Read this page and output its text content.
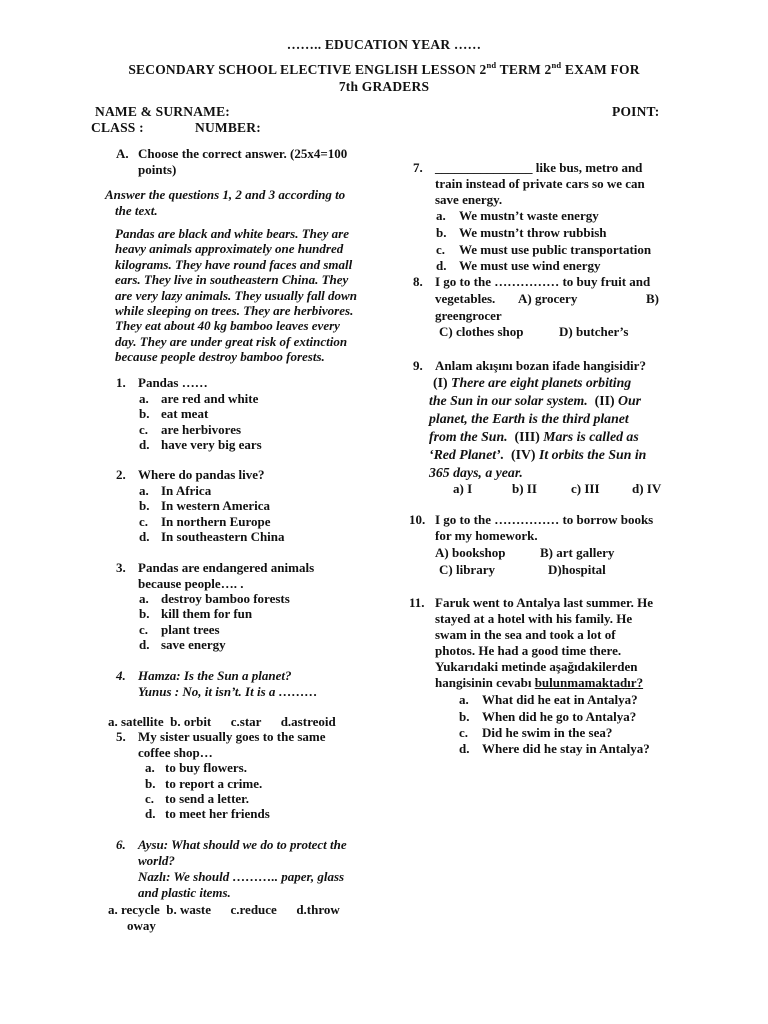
…….. EDUCATION YEAR ……
SECONDARY SCHOOL ELECTIVE ENGLISH LESSON 2nd TERM 2nd EXAM FOR
7th GRADERS
NAME & SURNAME:	POINT:
CLASS :	NUMBER:
A. Choose the correct answer. (25x4=100
points)
Answer the questions 1, 2 and 3 according to
the text.
Pandas are black and white bears. They are
heavy animals approximately one hundred
kilograms. They have round faces and small
ears. They live in southeastern China. They
are very lazy animals. They usually fall down
while sleeping on trees. They are herbivores.
They eat about 40 kg bamboo leaves every
day. They are under great risk of extinction
because people destroy bamboo forests.
1. Pandas ……
a. are red and white
b. eat meat
c. are herbivores
d. have very big ears
2. Where do pandas live?
a. In Africa
b. In western America
c. In northern Europe
d. In southeastern China
3. Pandas are endangered animals
because people…. .
a. destroy bamboo forests
b. kill them for fun
c. plant trees
d. save energy
4. Hamza: Is the Sun a planet?
Yunus : No, it isn’t. It is a ………
a. satellite  b. orbit      c.star      d.astreoid
5. My sister usually goes to the same
coffee shop…
a. to buy flowers.
b. to report a crime.
c. to send a letter.
d. to meet her friends
6. Aysu: What should we do to protect the
world?
Nazlı: We should ……….. paper, glass
and plastic items.
a. recycle  b. waste      c.reduce      d.throw
oway
7. _______________ like bus, metro and
train instead of private cars so we can
save energy.
a. We mustn’t waste energy
b. We mustn’t throw rubbish
c. We must use public transportation
d. We must use wind energy
8. I go to the …………… to buy fruit and
vegetables. A) grocery	B)
greengrocer
C) clothes shop	D) butcher’s
9. Anlam akışını bozan ifade hangisidir?
(I) There are eight planets orbiting
the Sun in our solar system.  (II) Our
planet, the Earth is the third planet
from the Sun.  (III) Mars is called as
‘Red Planet’.  (IV) It orbits the Sun in
365 days, a year.
a) I	b) II	c) III d) IV
10. I go to the …………… to borrow books
for my homework.
A) bookshop	B) art gallery
C) library	D)hospital
11. Faruk went to Antalya last summer. He
stayed at a hotel with his family. He
swam in the sea and took a lot of
photos. He had a good time there.
Yukarıdaki metinde aşağıdakilerden
hangisinin cevabı bulunmamaktadır?
a. What did he eat in Antalya?
b. When did he go to Antalya?
c. Did he swim in the sea?
d. Where did he stay in Antalya?
